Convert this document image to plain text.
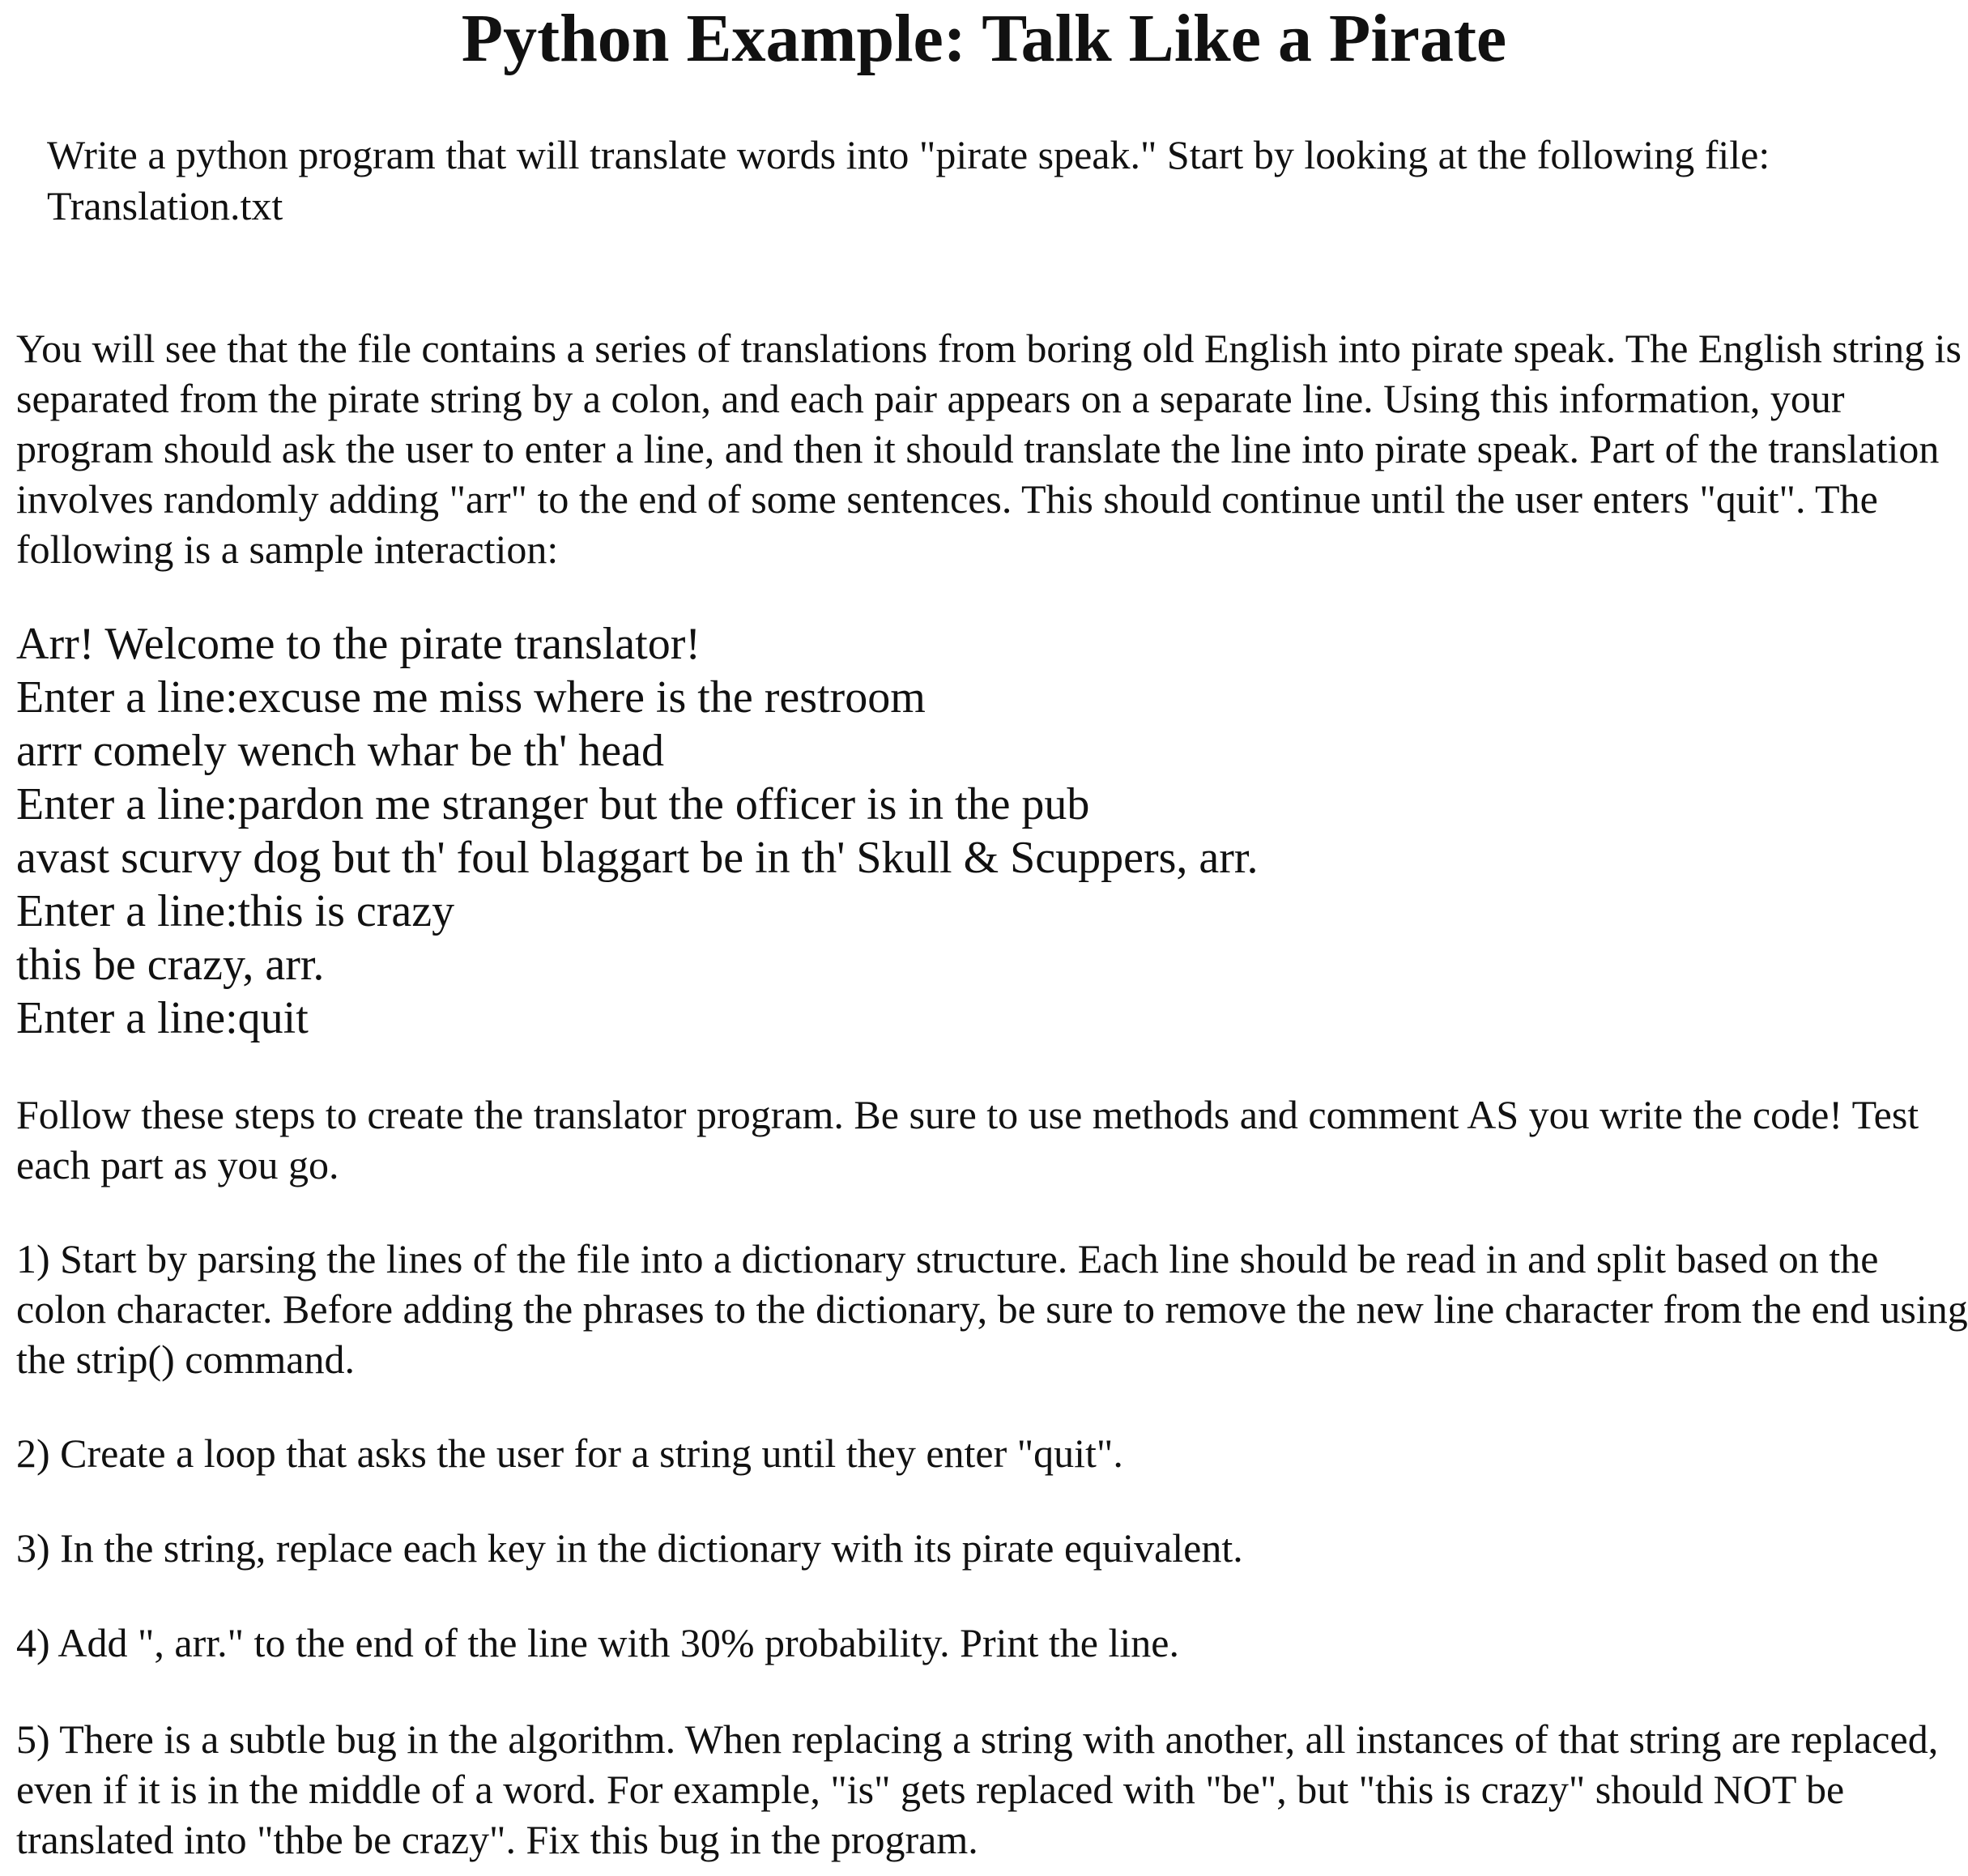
Python Example: Talk Like a Pirate

Write a python program that will translate words into "pirate speak." Start by looking at the following file:
Translation.txt

You will see that the file contains a series of translations from boring old English into pirate speak. The English string is separated from the pirate string by a colon, and each pair appears on a separate line. Using this information, your program should ask the user to enter a line, and then it should translate the line into pirate speak. Part of the translation involves randomly adding "arr" to the end of some sentences. This should continue until the user enters "quit". The following is a sample interaction:

Arr! Welcome to the pirate translator!
Enter a line:excuse me miss where is the restroom
arrr comely wench whar be th' head
Enter a line:pardon me stranger but the officer is in the pub
avast scurvy dog but th' foul blaggart be in th' Skull & Scuppers, arr.
Enter a line:this is crazy
this be crazy, arr.
Enter a line:quit

Follow these steps to create the translator program. Be sure to use methods and comment AS you write the code! Test each part as you go.

1) Start by parsing the lines of the file into a dictionary structure. Each line should be read in and split based on the colon character. Before adding the phrases to the dictionary, be sure to remove the new line character from the end using the strip() command.

2) Create a loop that asks the user for a string until they enter "quit".

3) In the string, replace each key in the dictionary with its pirate equivalent.

4) Add ", arr." to the end of the line with 30% probability. Print the line.

5) There is a subtle bug in the algorithm. When replacing a string with another, all instances of that string are replaced, even if it is in the middle of a word. For example, "is" gets replaced with "be", but "this is crazy" should NOT be translated into "thbe be crazy". Fix this bug in the program.
